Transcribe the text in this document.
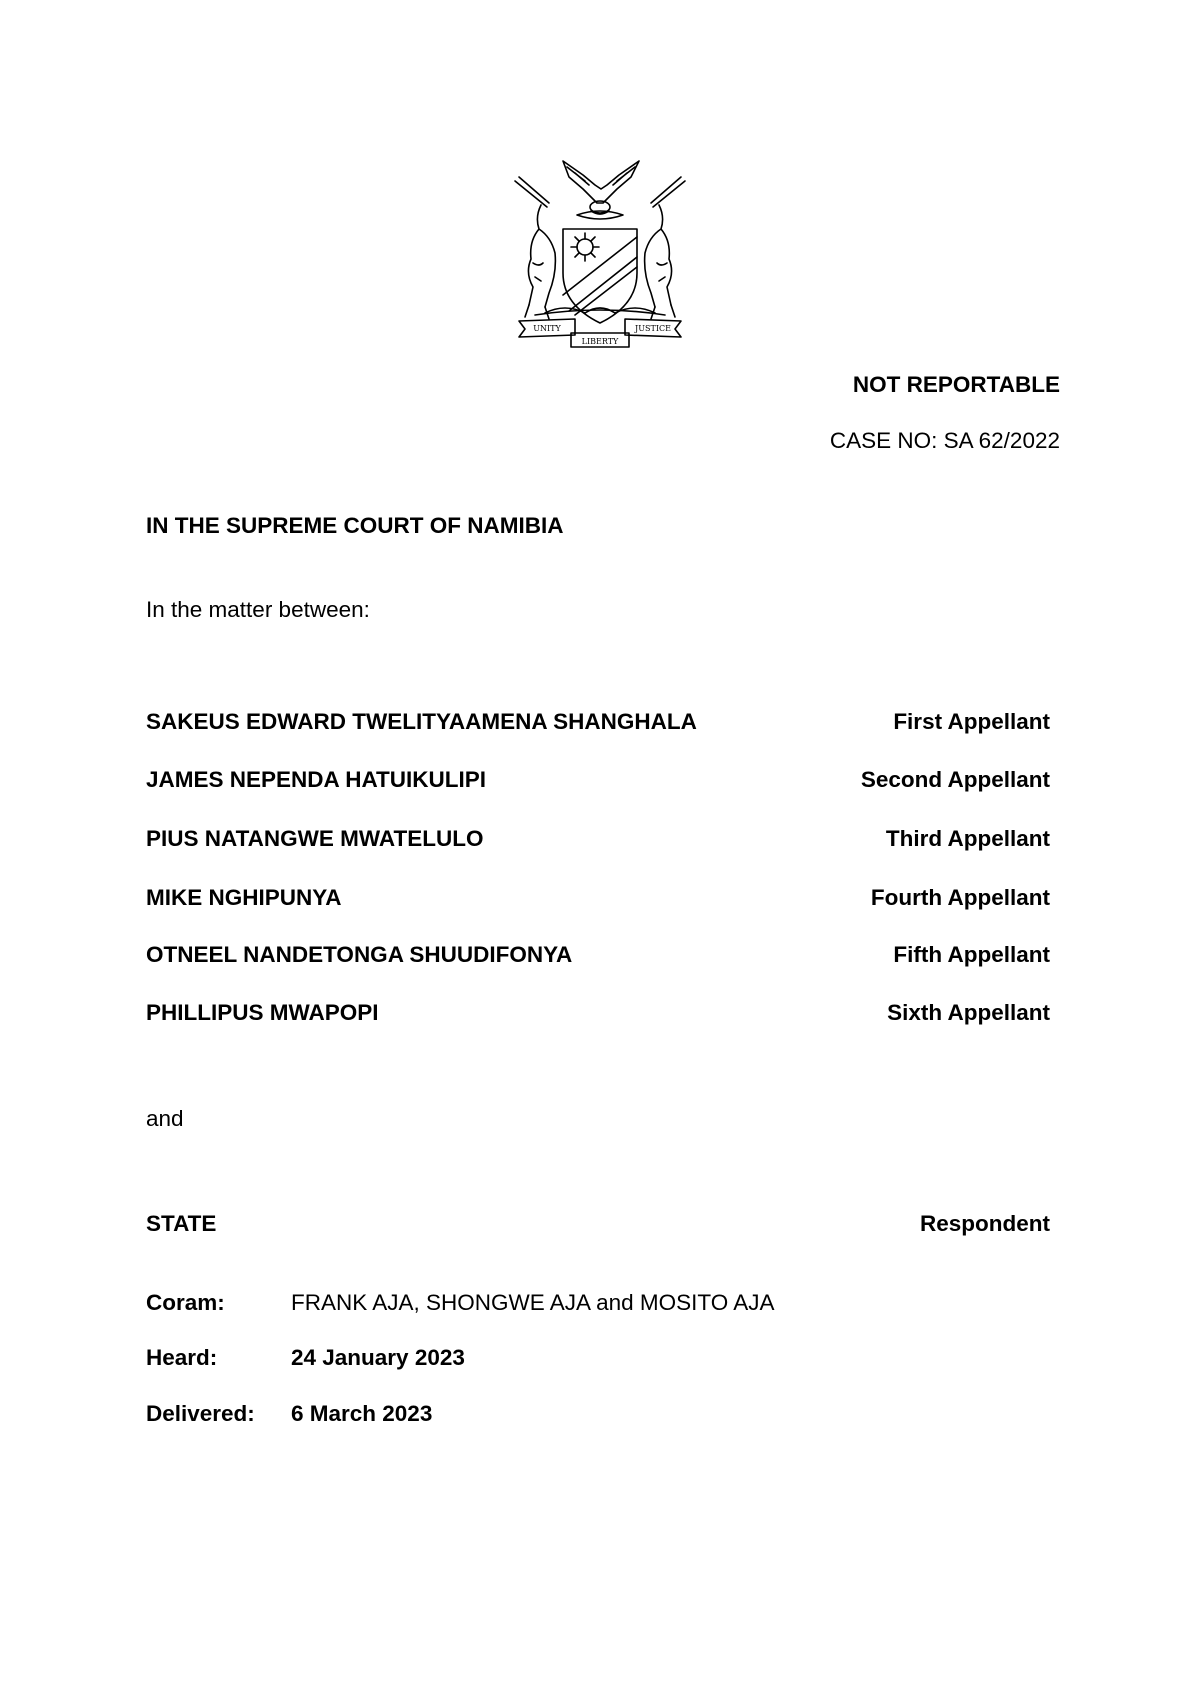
UNITY	JUSTICE
LIBERTY
NOT REPORTABLE
CASE NO: SA 62/2022
IN THE SUPREME COURT OF NAMIBIA
In the matter between:
SAKEUS EDWARD TWELITYAAMENA SHANGHALA	First Appellant
JAMES NEPENDA HATUIKULIPI	Second Appellant
PIUS NATANGWE MWATELULO	Third Appellant
MIKE NGHIPUNYA	Fourth Appellant
OTNEEL NANDETONGA SHUUDIFONYA	Fifth Appellant
PHILLIPUS MWAPOPI	Sixth Appellant
and
STATE	Respondent
Coram:	FRANK AJA, SHONGWE AJA and MOSITO AJA
Heard:	24 January 2023
Delivered: 6 March 2023
